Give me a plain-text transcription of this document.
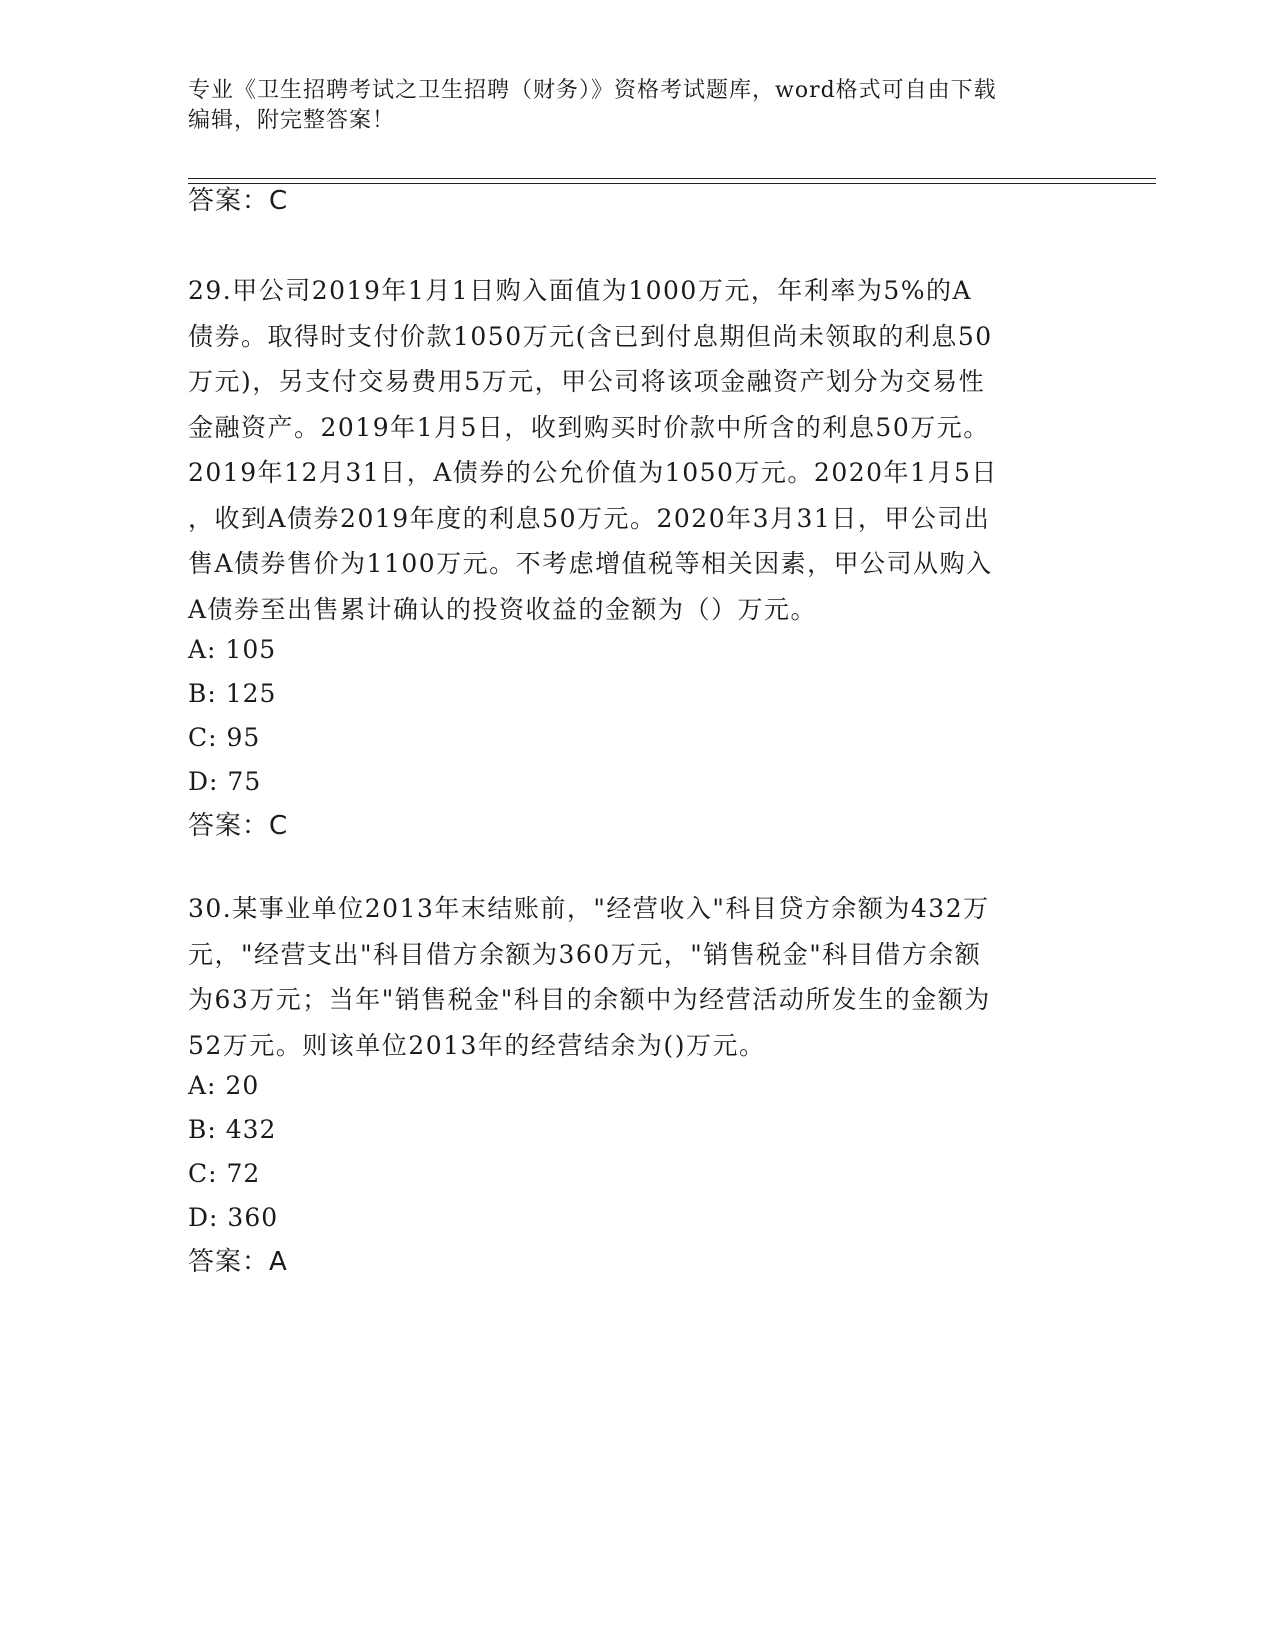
专业《卫生招聘考试之卫生招聘（财务）》资格考试题库，word格式可自由下载
编辑，附完整答案！
答案：C
29.甲公司2019年1月1日购入面值为1000万元，年利率为5%的A
债券。取得时支付价款1050万元(含已到付息期但尚未领取的利息50
万元)，另支付交易费用5万元，甲公司将该项金融资产划分为交易性
金融资产。2019年1月5日，收到购买时价款中所含的利息50万元。
2019年12月31日，A债券的公允价值为1050万元。2020年1月5日
，收到A债券2019年度的利息50万元。2020年3月31日，甲公司出
售A债券售价为1100万元。不考虑增值税等相关因素，甲公司从购入
A债券至出售累计确认的投资收益的金额为（）万元。
A: 105
B: 125
C: 95
D: 75
答案：C
30.某事业单位2013年末结账前，"经营收入"科目贷方余额为432万
元，"经营支出"科目借方余额为360万元，"销售税金"科目借方余额
为63万元；当年"销售税金"科目的余额中为经营活动所发生的金额为
52万元。则该单位2013年的经营结余为()万元。
A: 20
B: 432
C: 72
D: 360
答案：A
